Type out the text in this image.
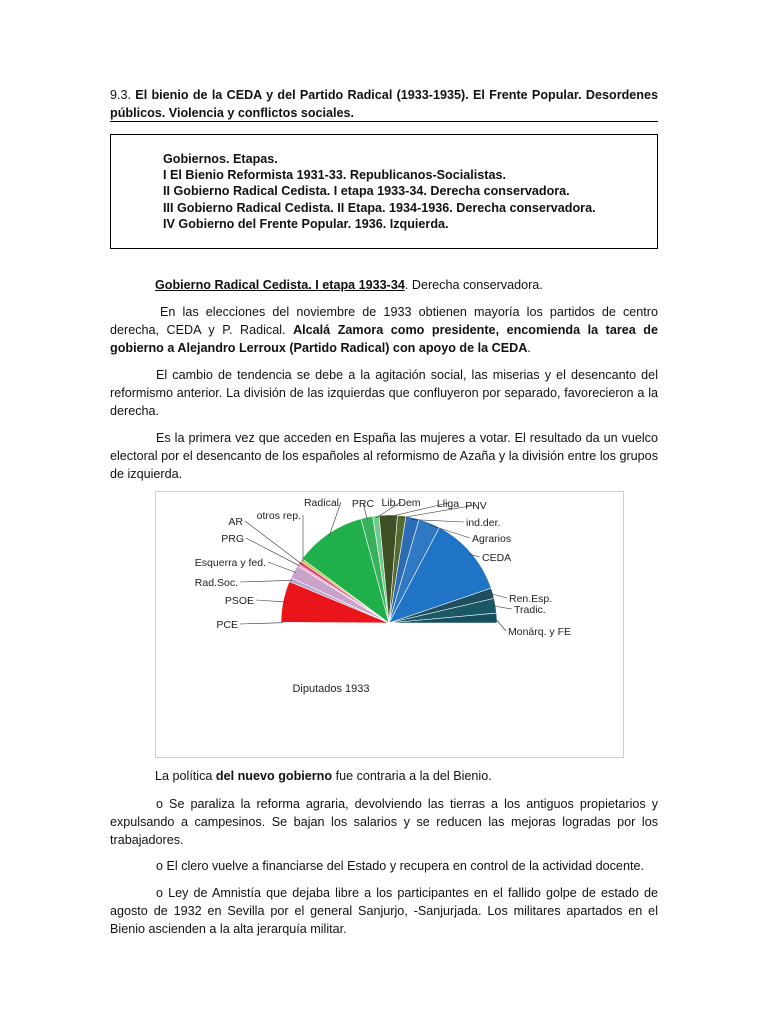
9.3. El bienio de la CEDA y del Partido Radical (1933-1935). El Frente Popular. Desordenes públicos. Violencia y conflictos sociales.
Gobiernos. Etapas.
I El Bienio Reformista 1931-33. Republicanos-Socialistas.
II Gobierno Radical Cedista. I etapa 1933-34. Derecha conservadora.
III Gobierno Radical Cedista. II Etapa. 1934-1936. Derecha conservadora.
IV Gobierno del Frente Popular. 1936. Izquierda.
Gobierno Radical Cedista. I etapa 1933-34. Derecha conservadora.
En las elecciones del noviembre de 1933 obtienen mayoría los partidos de centro derecha, CEDA y P. Radical. Alcalá Zamora como presidente, encomienda la tarea de gobierno a Alejandro Lerroux (Partido Radical) con apoyo de la CEDA.
El cambio de tendencia se debe a la agitación social, las miserias y el desencanto del reformismo anterior. La división de las izquierdas que confluyeron por separado, favorecieron a la derecha.
Es la primera vez que acceden en España las mujeres a votar. El resultado da un vuelco electoral por el desencanto de los españoles al reformismo de Azaña y la división entre los grupos de izquierda.
PCE
PSOE
Rad.Soc.
Esquerra y fed.
PRG
AR otros rep.
Radical PRC Lib.Dem Lliga PNV
ind.der.
Agrarios
CEDA
Ren.Esp.
Tradic.
Monárq. y FE
Diputados 1933
La política del nuevo gobierno fue contraria a la del Bienio.
o Se paraliza la reforma agraria, devolviendo las tierras a los antiguos propietarios y expulsando a campesinos. Se bajan los salarios y se reducen las mejoras logradas por los trabajadores.
o El clero vuelve a financiarse del Estado y recupera en control de la actividad docente.
o Ley de Amnistía que dejaba libre a los participantes en el fallido golpe de estado de agosto de 1932 en Sevilla por el general Sanjurjo, -Sanjurjada. Los militares apartados en el Bienio ascienden a la alta jerarquía militar.
